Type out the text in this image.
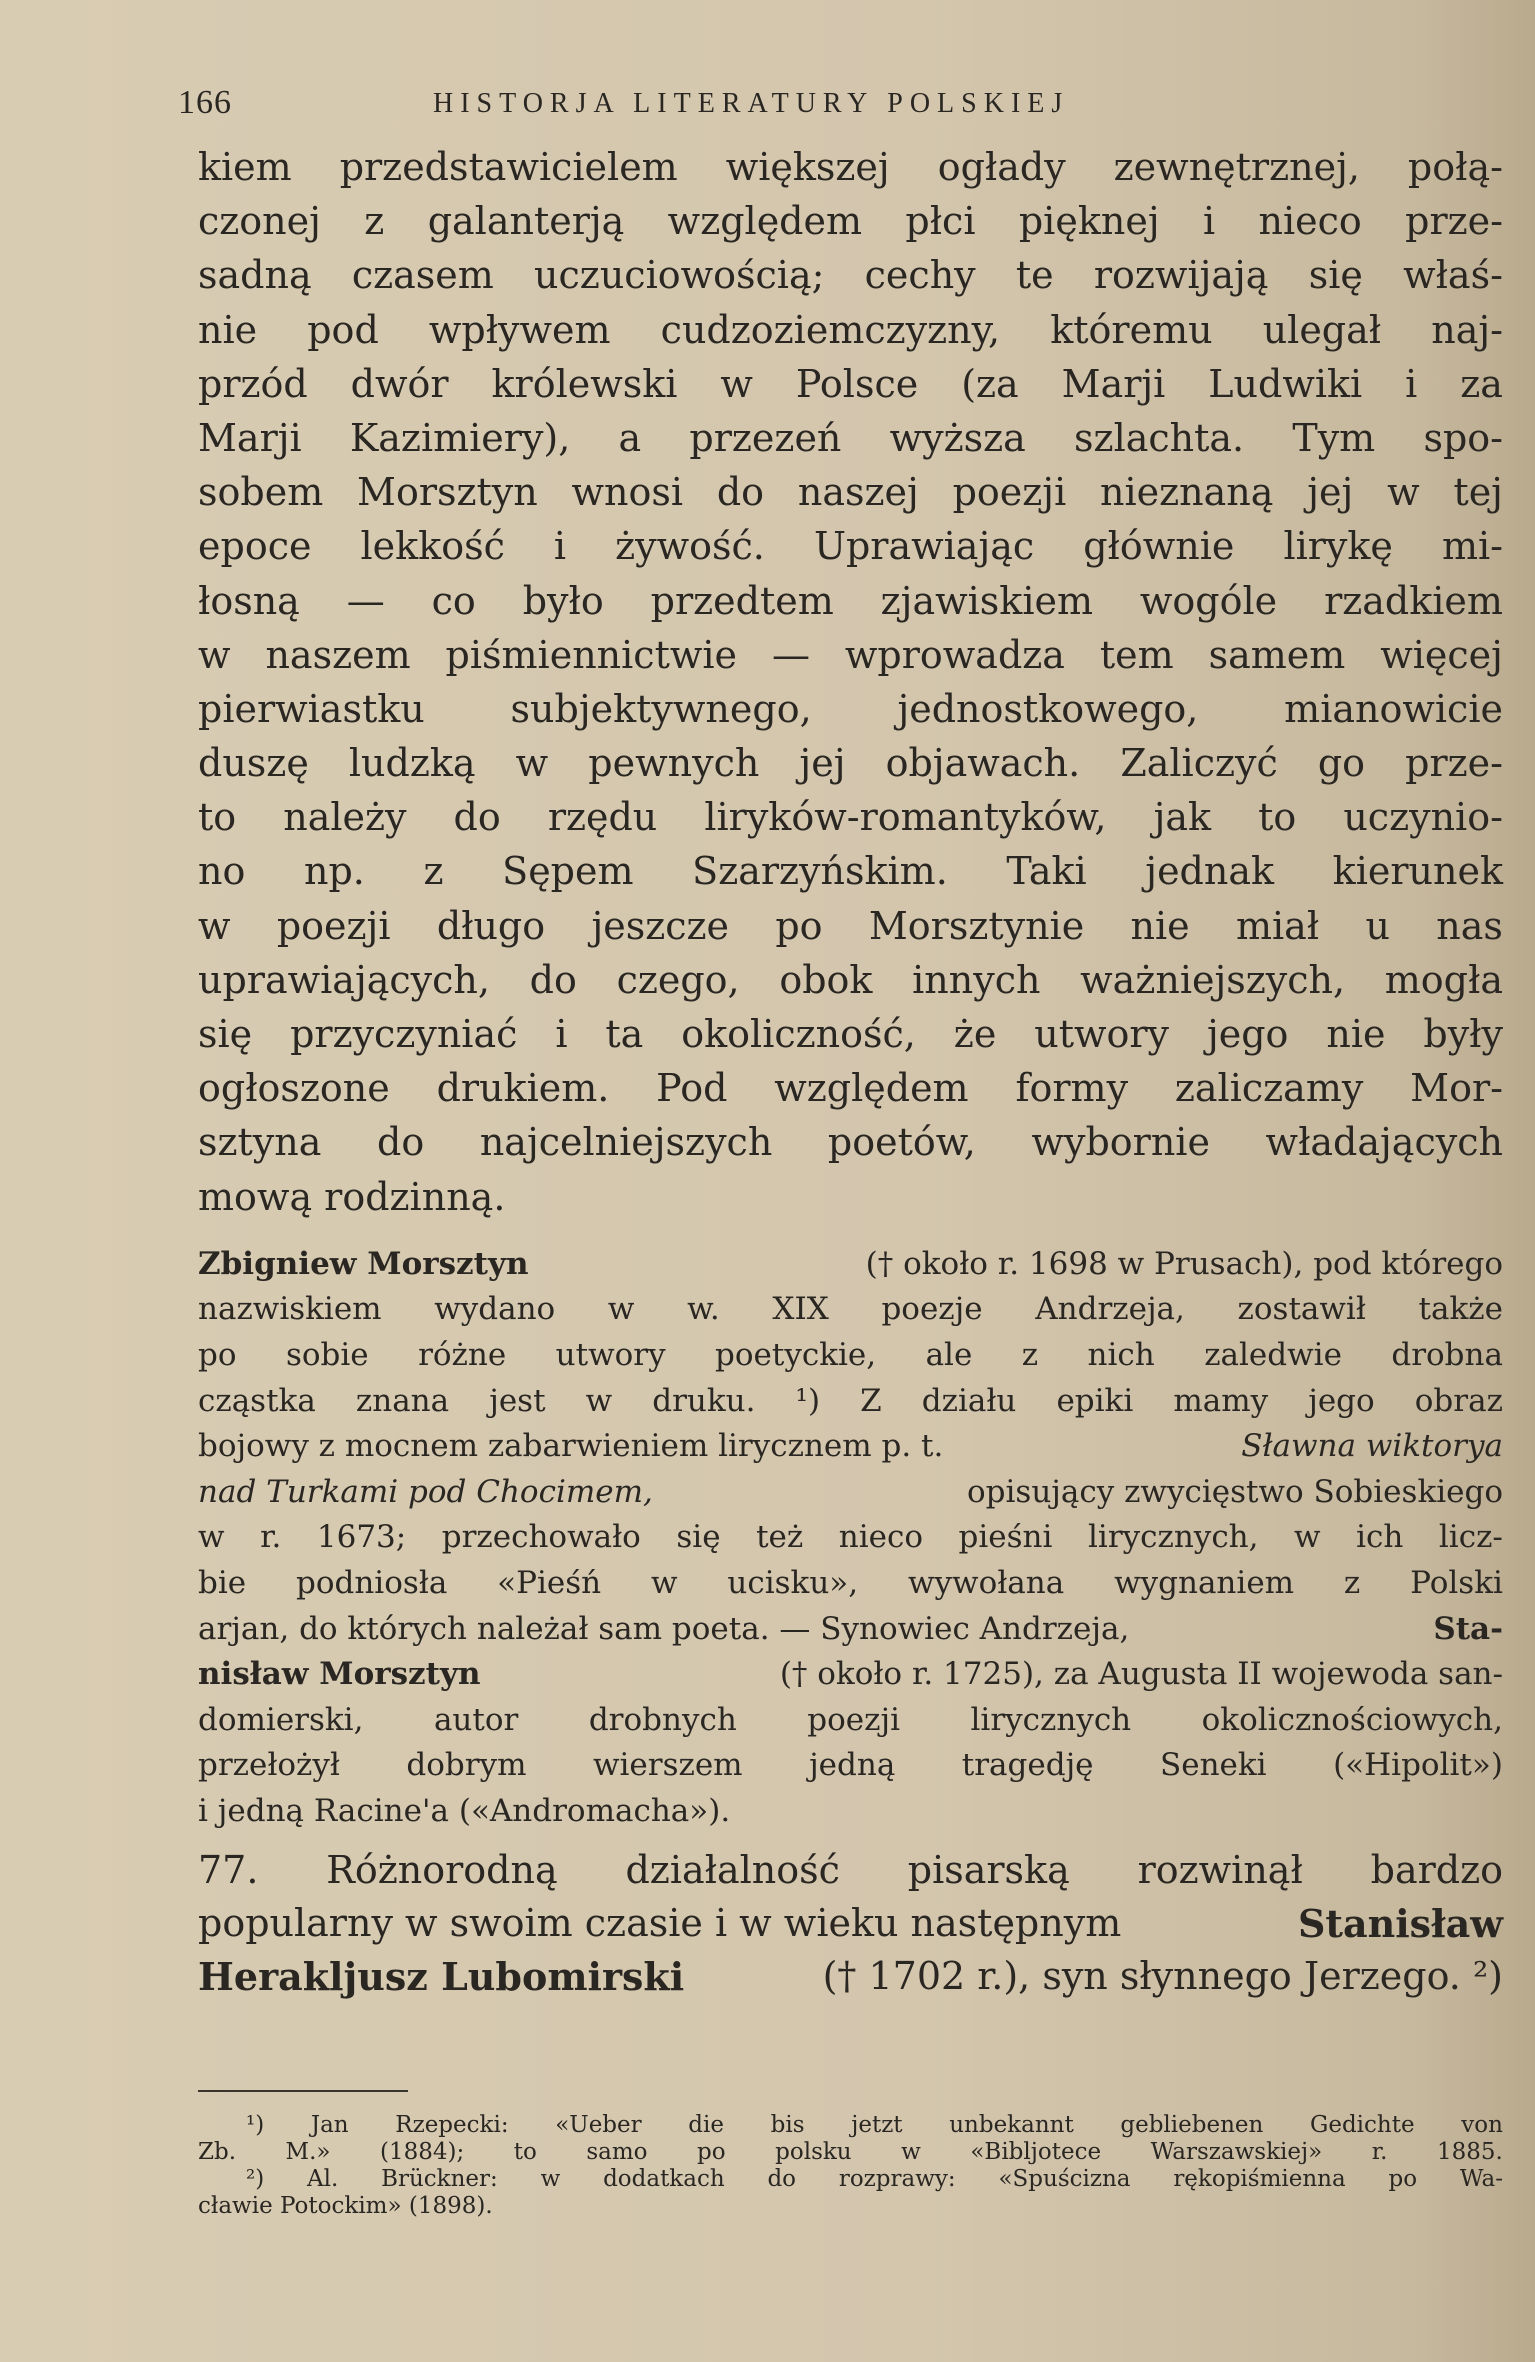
166	HISTORJA LITERATURY POLSKIEJ
kiem przedstawicielem większej ogłady zewnętrznej, połą-
czonej z galanterją względem płci pięknej i nieco prze-
sadną czasem uczuciowością; cechy te rozwijają się właś-
nie pod wpływem cudzoziemczyzny, któremu ulegał naj-
przód dwór królewski w Polsce (za Marji Ludwiki i za
Marji Kazimiery), a przezeń wyższa szlachta. Tym spo-
sobem Morsztyn wnosi do naszej poezji nieznaną jej w tej
epoce lekkość i żywość. Uprawiając głównie lirykę mi-
łosną — co było przedtem zjawiskiem wogóle rzadkiem
w naszem piśmiennictwie — wprowadza tem samem więcej
pierwiastku subjektywnego, jednostkowego, mianowicie
duszę ludzką w pewnych jej objawach. Zaliczyć go prze-
to należy do rzędu liryków-romantyków, jak to uczynio-
no np. z Sępem Szarzyńskim. Taki jednak kierunek
w poezji długo jeszcze po Morsztynie nie miał u nas
uprawiających, do czego, obok innych ważniejszych, mogła
się przyczyniać i ta okoliczność, że utwory jego nie były
ogłoszone drukiem. Pod względem formy zaliczamy Mor-
sztyna do najcelniejszych poetów, wybornie władających
mową rodzinną.
Zbigniew Morsztyn	(† około r. 1698 w Prusach), pod którego
nazwiskiem wydano w w. XIX poezje Andrzeja, zostawił także
po sobie różne utwory poetyckie, ale z nich zaledwie drobna
cząstka znana jest w druku. ¹) Z działu epiki mamy jego obraz
bojowy z mocnem zabarwieniem lirycznem p. t.	Sławna wiktorya
nad Turkami pod Chocimem,	opisujący zwycięstwo Sobieskiego
w r. 1673; przechowało się też nieco pieśni lirycznych, w ich licz-
bie podniosła «Pieśń w ucisku», wywołana wygnaniem z Polski
arjan, do których należał sam poeta. — Synowiec Andrzeja,	Sta-
nisław Morsztyn	(† około r. 1725), za Augusta II wojewoda san-
domierski, autor drobnych poezji lirycznych okolicznościowych,
przełożył dobrym wierszem jedną tragedję Seneki («Hipolit»)
i jedną Racine'a («Andromacha»).
77. Różnorodną działalność pisarską rozwinął bardzo
popularny w swoim czasie i w wieku następnym	Stanisław
Herakljusz Lubomirski	(† 1702 r.), syn słynnego Jerzego. ²)
¹) Jan Rzepecki: «Ueber die bis jetzt unbekannt gebliebenen Gedichte von
Zb. M.» (1884); to samo po polsku w «Bibljotece Warszawskiej» r. 1885.
²) Al. Brückner: w dodatkach do rozprawy: «Spuścizna rękopiśmienna po Wa-
cławie Potockim» (1898).
